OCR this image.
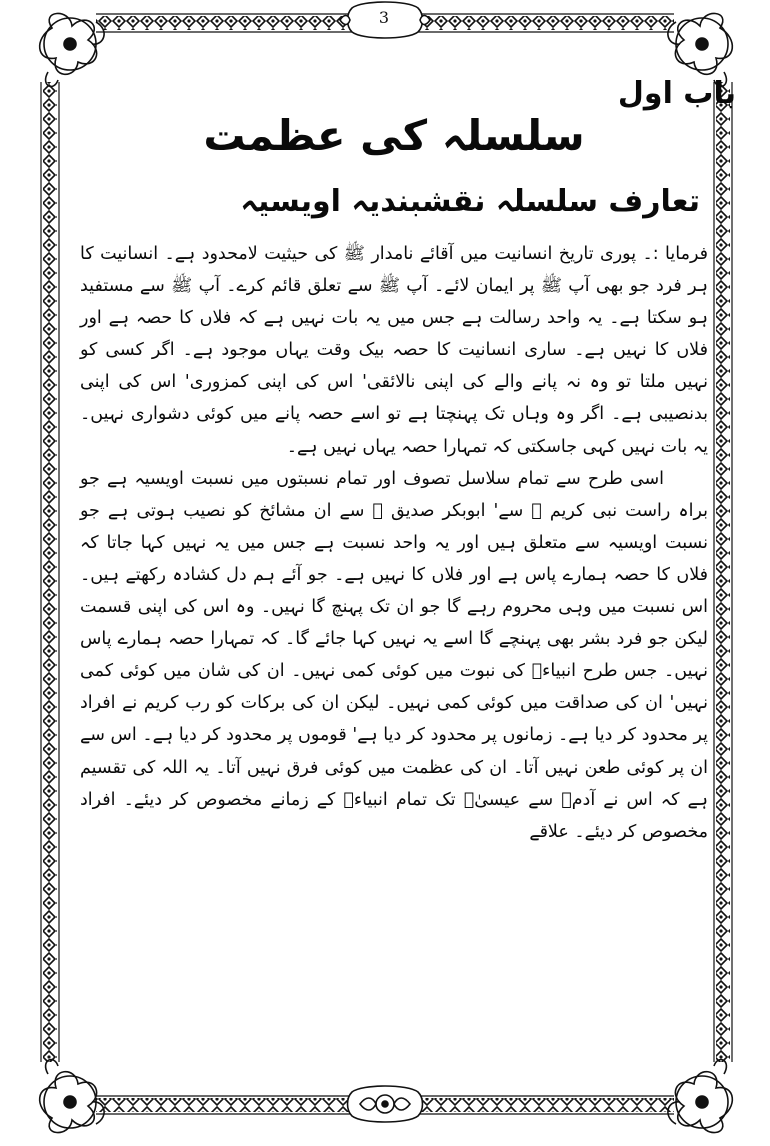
3
باب اول
سلسلہ کی عظمت
تعارف سلسلہ نقشبندیہ اویسیہ

فرمایا :۔ پوری تاریخ انسانیت میں آقائے نامدار ﷺ کی حیثیت لامحدود ہے۔ انسانیت کا ہر فرد جو بھی آپ ﷺ پر ایمان لائے۔ آپ ﷺ سے تعلق قائم کرے۔ آپ ﷺ سے مستفید ہو سکتا ہے۔ یہ واحد رسالت ہے جس میں یہ بات نہیں ہے کہ فلاں کا حصہ ہے اور فلاں کا نہیں ہے۔ ساری انسانیت کا حصہ بیک وقت یہاں موجود ہے۔ اگر کسی کو نہیں ملتا تو وہ نہ پانے والے کی اپنی نالائقی' اس کی اپنی کمزوری' اس کی اپنی بدنصیبی ہے۔ اگر وہ وہاں تک پہنچتا ہے تو اسے حصہ پانے میں کوئی دشواری نہیں۔ یہ بات نہیں کہی جاسکتی کہ تمہارا حصہ یہاں نہیں ہے۔

اسی طرح سے تمام سلاسل تصوف اور تمام نسبتوں میں نسبت اویسیہ ہے جو براہ راست نبی کریم ﷺ سے' ابوبکر صدیق ؓ سے ان مشائخ کو نصیب ہوتی ہے جو نسبت اویسیہ سے متعلق ہیں اور یہ واحد نسبت ہے جس میں یہ نہیں کہا جاتا کہ فلاں کا حصہ ہمارے پاس ہے اور فلاں کا نہیں ہے۔ جو آئے ہم دل کشادہ رکھتے ہیں۔ اس نسبت میں وہی محروم رہے گا جو ان تک پہنچ گا نہیں۔ وہ اس کی اپنی قسمت لیکن جو فرد بشر بھی پہنچے گا اسے یہ نہیں کہا جائے گا۔ کہ تمہارا حصہ ہمارے پاس نہیں۔ جس طرح انبیاءؑ کی نبوت میں کوئی کمی نہیں۔ ان کی شان میں کوئی کمی نہیں' ان کی صداقت میں کوئی کمی نہیں۔ لیکن ان کی برکات کو رب کریم نے افراد پر محدود کر دیا ہے۔ زمانوں پر محدود کر دیا ہے' قوموں پر محدود کر دیا ہے۔ اس سے ان پر کوئی طعن نہیں آتا۔ ان کی عظمت میں کوئی فرق نہیں آتا۔ یہ اللہ کی تقسیم ہے کہ اس نے آدمؑ سے عیسیٰؑ تک تمام انبیاءؑ کے زمانے مخصوص کر دیئے۔ افراد مخصوص کر دیئے۔ علاقے
